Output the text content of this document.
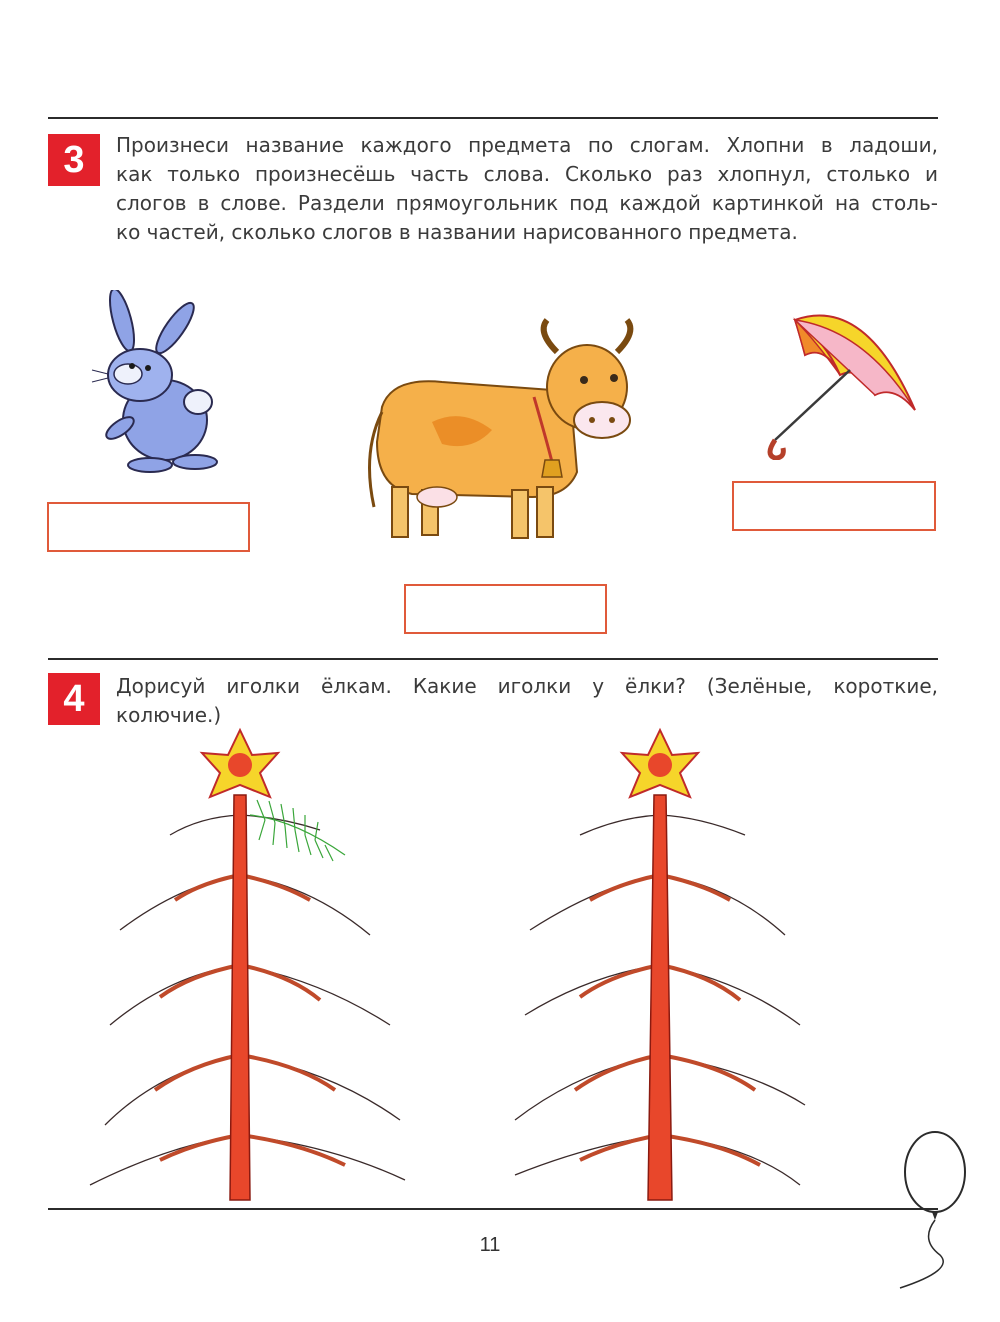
3	Произнеси название каждого предмета по слогам. Хлопни в ладоши,
как только произнесёшь часть слова. Сколько раз хлопнул, столько и
слогов в слове. Раздели прямоугольник под каждой картинкой на столь-
ко частей, сколько слогов в названии нарисованного предмета.
4	Дорисуй иголки ёлкам. Какие иголки у ёлки? (Зелёные, короткие,
колючие.)
11
